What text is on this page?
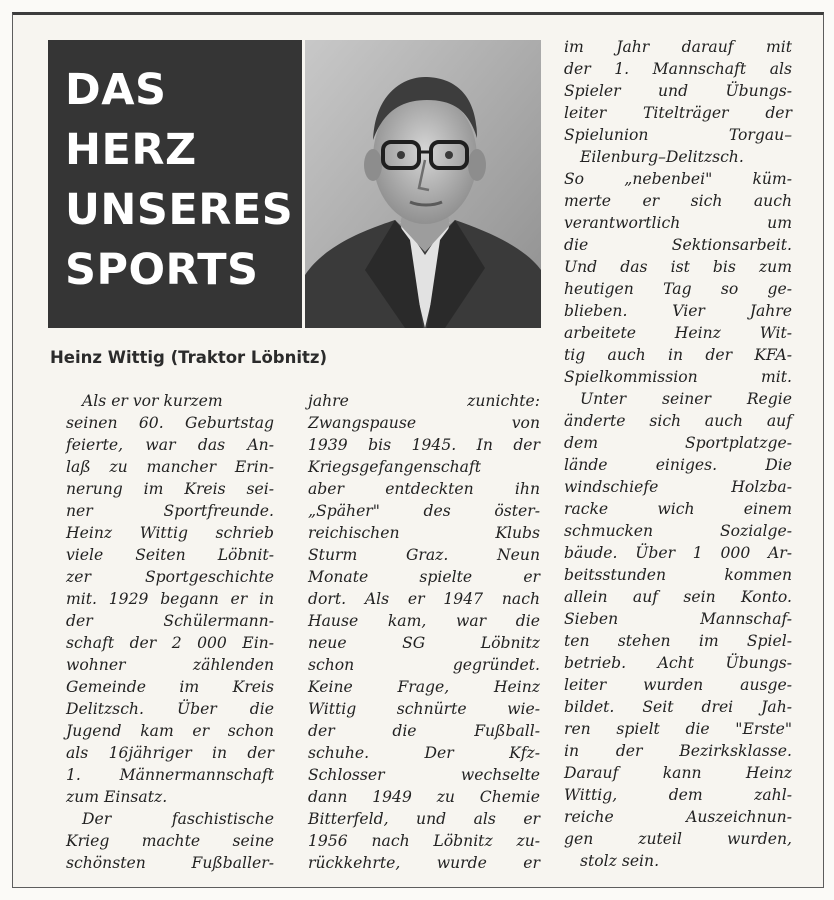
DAS
HERZ
UNSERES
SPORTS
Heinz Wittig (Traktor Löbnitz)
Als er vor kurzem
seinen 60. Geburtstag
feierte, war das An-
laß zu mancher Erin-
nerung im Kreis sei-
ner Sportfreunde.
Heinz Wittig schrieb
viele Seiten Löbnit-
zer Sportgeschichte
mit. 1929 begann er in
der Schülermann-
schaft der 2 000 Ein-
wohner zählenden
Gemeinde im Kreis
Delitzsch. Über die
Jugend kam er schon
als 16jähriger in der
1. Männermannschaft
zum Einsatz.
Der faschistische
Krieg machte seine
schönsten Fußballer-
jahre zunichte:
Zwangspause von
1939 bis 1945. In der
Kriegsgefangenschaft
aber entdeckten ihn
„Späher" des öster-
reichischen Klubs
Sturm Graz. Neun
Monate spielte er
dort. Als er 1947 nach
Hause kam, war die
neue SG Löbnitz
schon gegründet.
Keine Frage, Heinz
Wittig schnürte wie-
der die Fußball-
schuhe. Der Kfz-
Schlosser wechselte
dann 1949 zu Chemie
Bitterfeld, und als er
1956 nach Löbnitz zu-
rückkehrte, wurde er
im Jahr darauf mit
der 1. Mannschaft als
Spieler und Übungs-
leiter Titelträger der
Spielunion Torgau–
Eilenburg–Delitzsch.
So „nebenbei" küm-
merte er sich auch
verantwortlich um
die Sektionsarbeit.
Und das ist bis zum
heutigen Tag so ge-
blieben. Vier Jahre
arbeitete Heinz Wit-
tig auch in der KFA-
Spielkommission mit.
Unter seiner Regie
änderte sich auch auf
dem Sportplatzge-
lände einiges. Die
windschiefe Holzba-
racke wich einem
schmucken Sozialge-
bäude. Über 1 000 Ar-
beitsstunden kommen
allein auf sein Konto.
Sieben Mannschaf-
ten stehen im Spiel-
betrieb. Acht Übungs-
leiter wurden ausge-
bildet. Seit drei Jah-
ren spielt die "Erste"
in der Bezirksklasse.
Darauf kann Heinz
Wittig, dem zahl-
reiche Auszeichnun-
gen zuteil wurden,
stolz sein.
